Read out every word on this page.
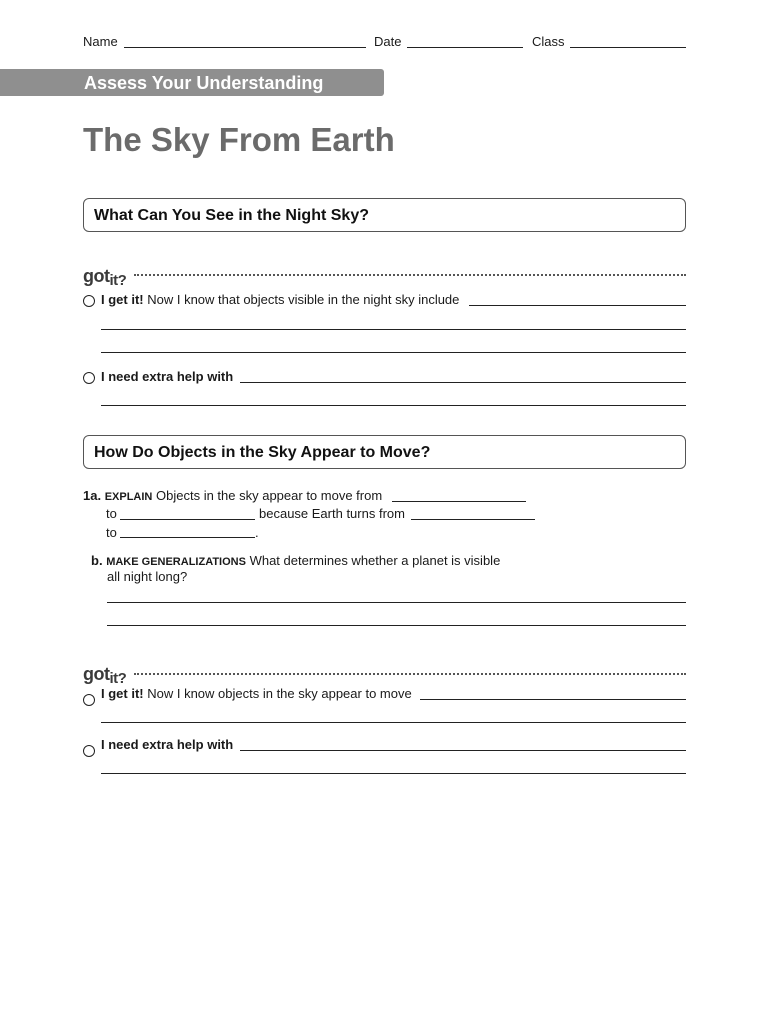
Name	Date	Class
Assess Your Understanding
The Sky From Earth
What Can You See in the Night Sky?
gotit?
I get it! Now I know that objects visible in the night sky include
I need extra help with
How Do Objects in the Sky Appear to Move?
1a. EXPLAIN Objects in the sky appear to move from
to	because Earth turns from
to	.
b. MAKE GENERALIZATIONS What determines whether a planet is visible
all night long?
gotit?
I get it! Now I know objects in the sky appear to move
I need extra help with
